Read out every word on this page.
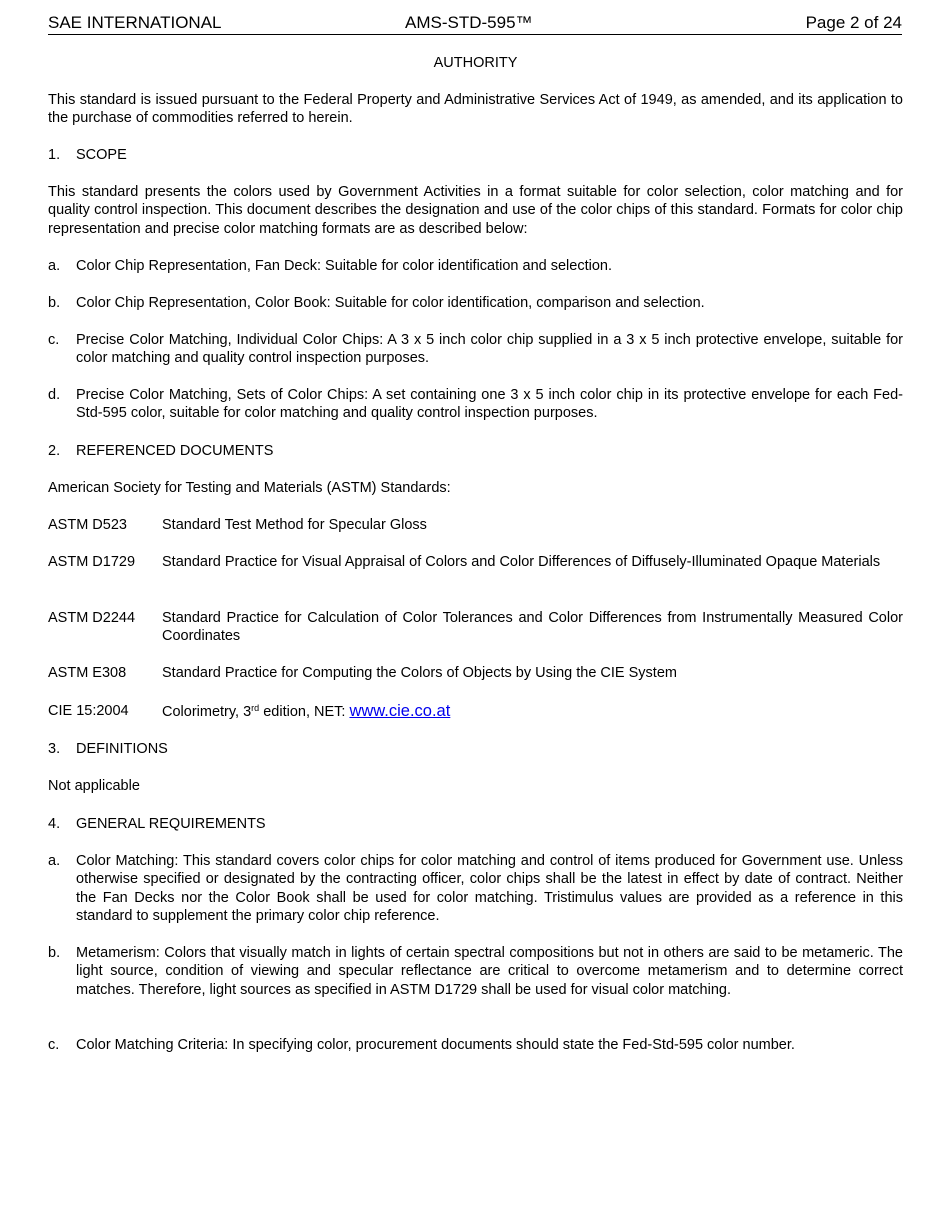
SAE INTERNATIONAL	AMS-STD-595™	Page 2 of 24

AUTHORITY

This standard is issued pursuant to the Federal Property and Administrative Services Act of 1949, as amended, and its application to the purchase of commodities referred to herein.

1. SCOPE

This standard presents the colors used by Government Activities in a format suitable for color selection, color matching and for quality control inspection. This document describes the designation and use of the color chips of this standard. Formats for color chip representation and precise color matching formats are as described below:

a. Color Chip Representation, Fan Deck: Suitable for color identification and selection.
b. Color Chip Representation, Color Book: Suitable for color identification, comparison and selection.
c. Precise Color Matching, Individual Color Chips: A 3 x 5 inch color chip supplied in a 3 x 5 inch protective envelope, suitable for color matching and quality control inspection purposes.
d. Precise Color Matching, Sets of Color Chips: A set containing one 3 x 5 inch color chip in its protective envelope for each Fed-Std-595 color, suitable for color matching and quality control inspection purposes.
2. REFERENCED DOCUMENTS

American Society for Testing and Materials (ASTM) Standards:

ASTM D523 Standard Test Method for Specular Gloss
ASTM D1729 Standard Practice for Visual Appraisal of Colors and Color Differences of Diffusely-Illuminated Opaque Materials
ASTM D2244 Standard Practice for Calculation of Color Tolerances and Color Differences from Instrumentally Measured Color Coordinates
ASTM E308 Standard Practice for Computing the Colors of Objects by Using the CIE System
CIE 15:2004 Colorimetry, 3rd edition, NET: www.cie.co.at
3. DEFINITIONS

Not applicable

4. GENERAL REQUIREMENTS
a. Color Matching: This standard covers color chips for color matching and control of items produced for Government use. Unless otherwise specified or designated by the contracting officer, color chips shall be the latest in effect by date of contract. Neither the Fan Decks nor the Color Book shall be used for color matching. Tristimulus values are provided as a reference in this standard to supplement the primary color chip reference.
b. Metamerism: Colors that visually match in lights of certain spectral compositions but not in others are said to be metameric. The light source, condition of viewing and specular reflectance are critical to overcome metamerism and to determine correct matches. Therefore, light sources as specified in ASTM D1729 shall be used for visual color matching.
c. Color Matching Criteria: In specifying color, procurement documents should state the Fed-Std-595 color number.
